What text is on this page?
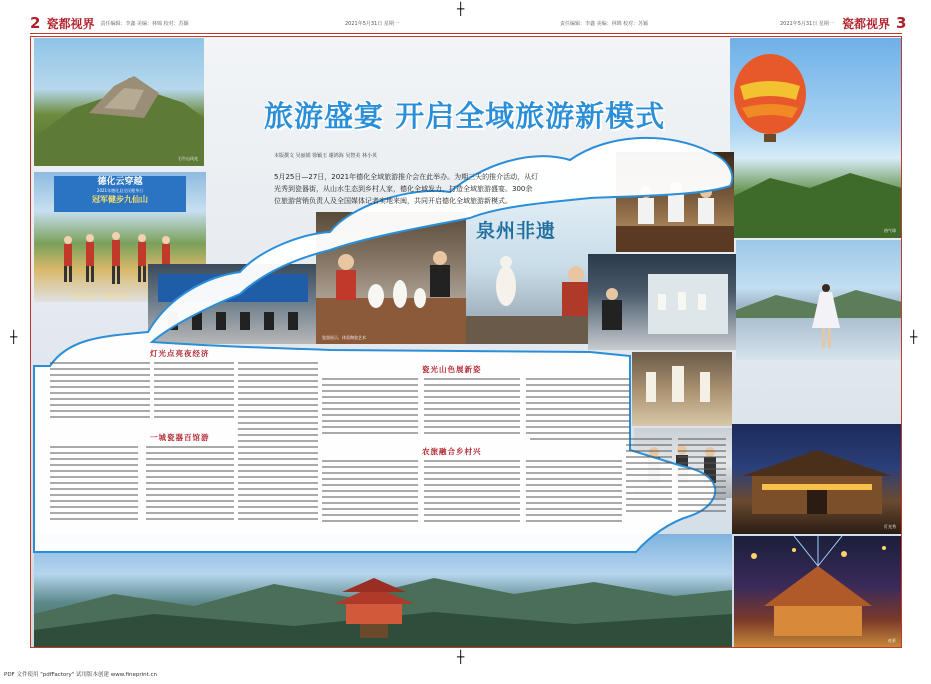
2 瓷都视界 责任编辑：李鑫 美编：林锦 校对：苏颖	2021年5月31日 星期一	责任编辑：李鑫 美编：林锦 校对：苏颖	2021年5月31日 星期一 瓷都视界 3
┼
┼
┼	┼
石牛山风光
德化云穿越
2021年德化县全民健身日
冠军健步九仙山
德化云穿越——冠军健步九仙山
热气球
灯光秀
夜景
瓷器展示，体验陶瓷艺术
泉州非遗
旅游盛宴 开启全域旅游新模式
本版撰文 吴丽娟 徐颖玉 谢鸿海 吴智美 林小英
5月25日—27日，2021年德化全域旅游推介会在此举办。为期三天的推介活动，从灯光秀到瓷器街，从山水生态到乡村人家，德化全域发力，打造全域旅游盛宴。300余位旅游营销负责人及全国媒体记者实地来闽，共同开启德化全域旅游新模式。
灯光点亮夜经济
一城瓷器百馆游
瓷光山色展新姿
农旅融合乡村兴
PDF 文件使用 "pdfFactory" 试用版本创建 www.fineprint.cn
